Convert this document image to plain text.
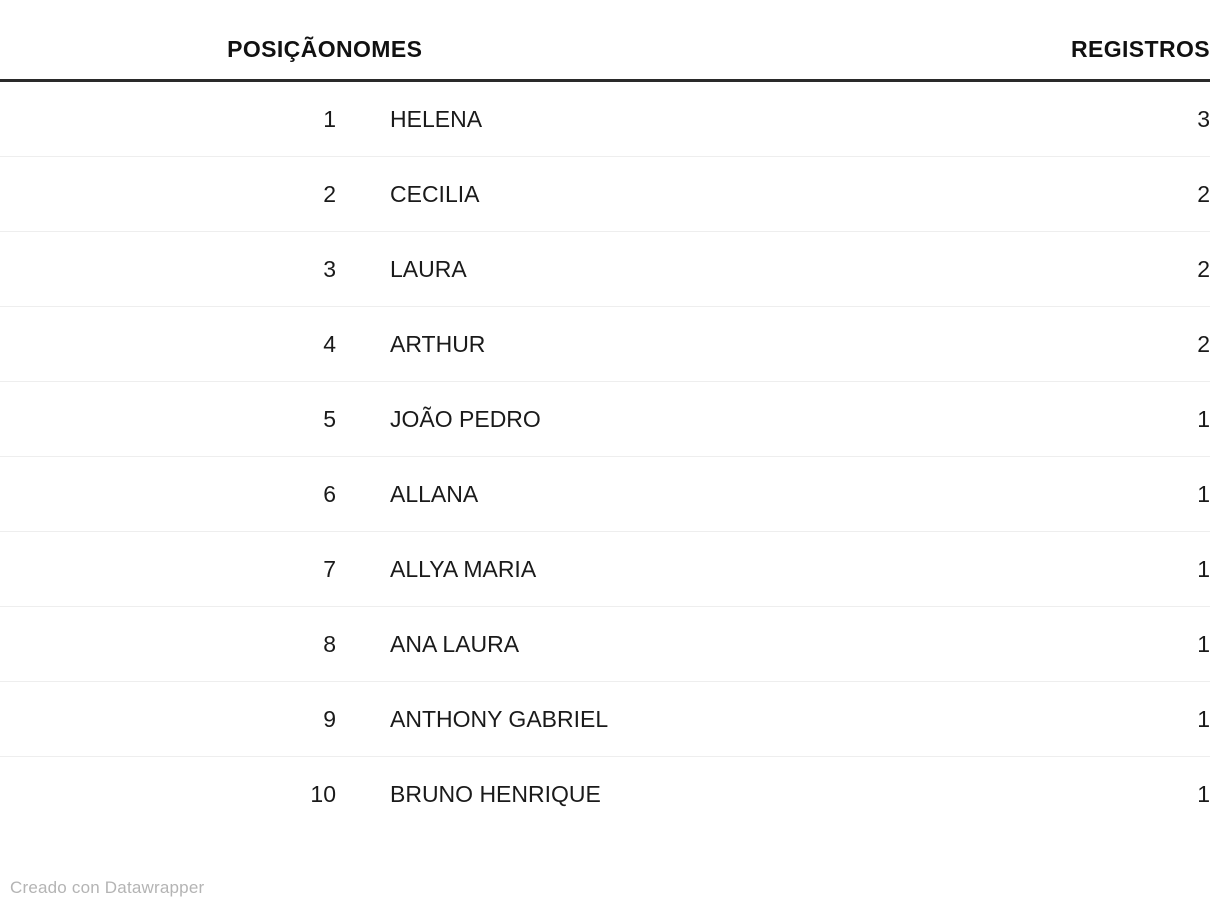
POSIÇÃO	NOMES	REGISTROS
1	HELENA	3
2	CECILIA	2
3	LAURA	2
4	ARTHUR	2
5	JOÃO PEDRO	1
6	ALLANA	1
7	ALLYA MARIA	1
8	ANA LAURA	1
9	ANTHONY GABRIEL	1
10	BRUNO HENRIQUE	1
Creado con Datawrapper
